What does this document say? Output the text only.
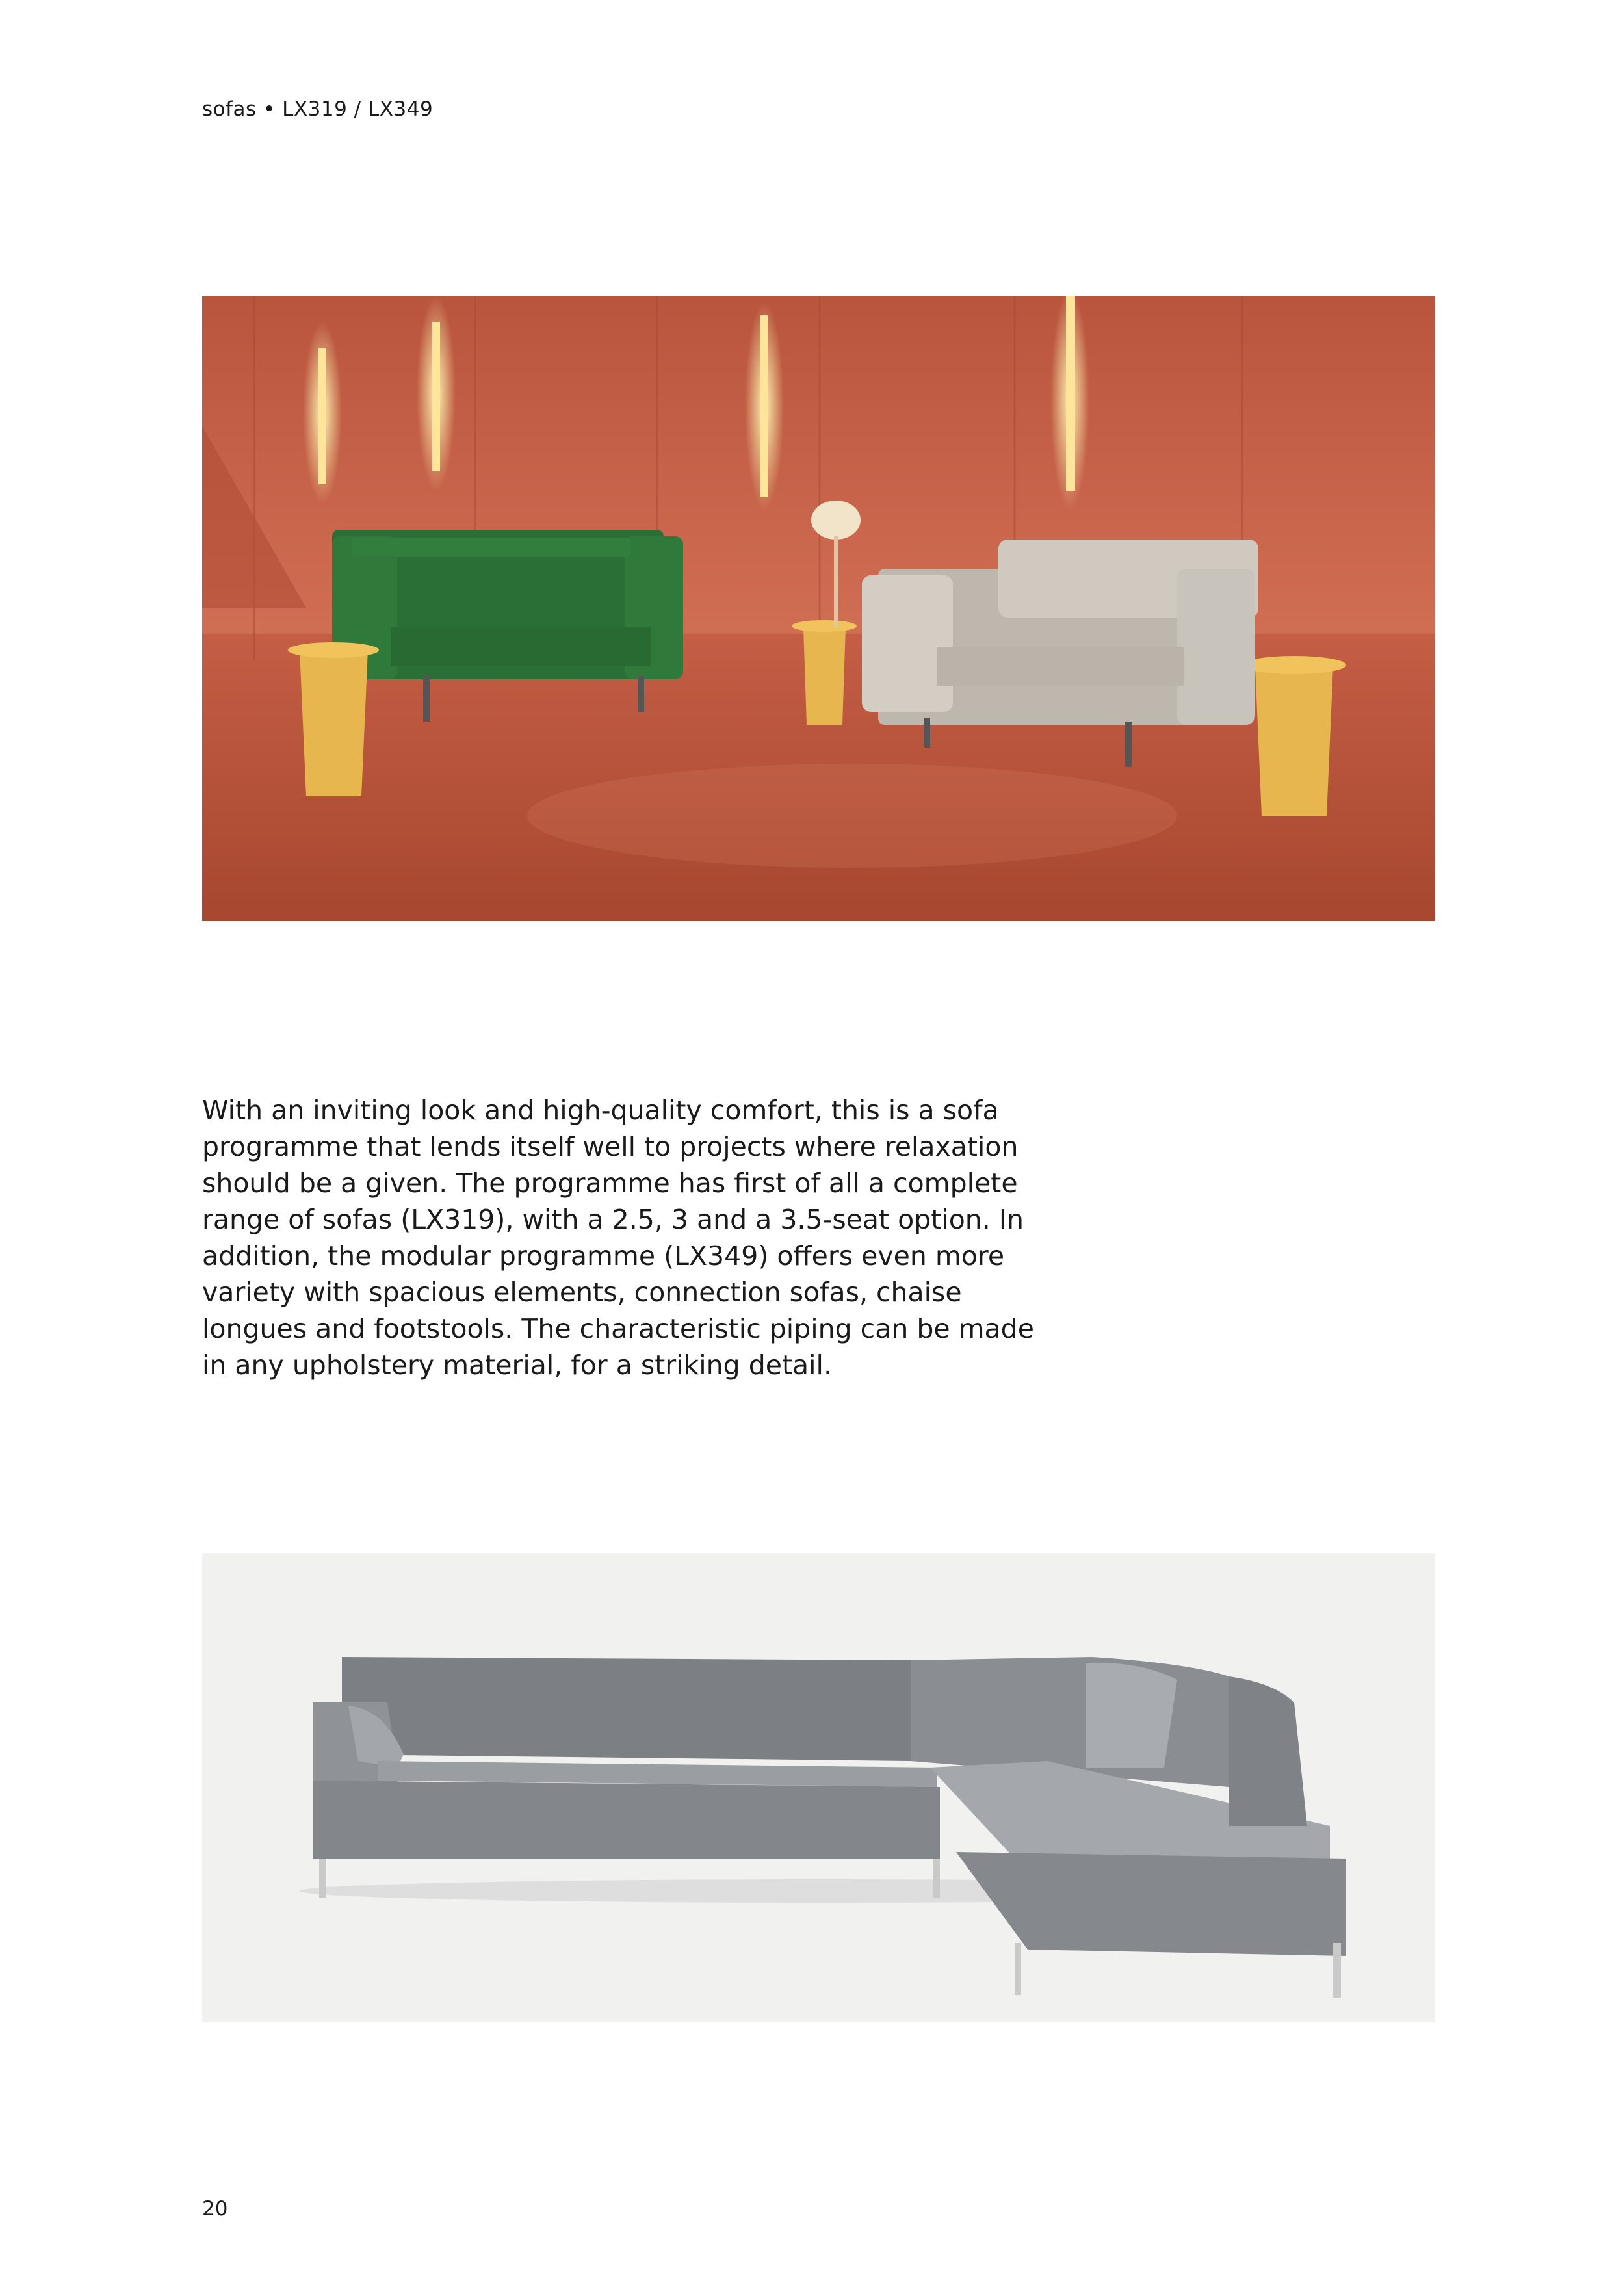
sofas • LX319 / LX349

With an inviting look and high-quality comfort, this is a sofa
programme that lends itself well to projects where relaxation
should be a given. The programme has first of all a complete
range of sofas (LX319), with a 2.5, 3 and a 3.5-seat option. In
addition, the modular programme (LX349) offers even more
variety with spacious elements, connection sofas, chaise
longues and footstools. The characteristic piping can be made
in any upholstery material, for a striking detail.

20
